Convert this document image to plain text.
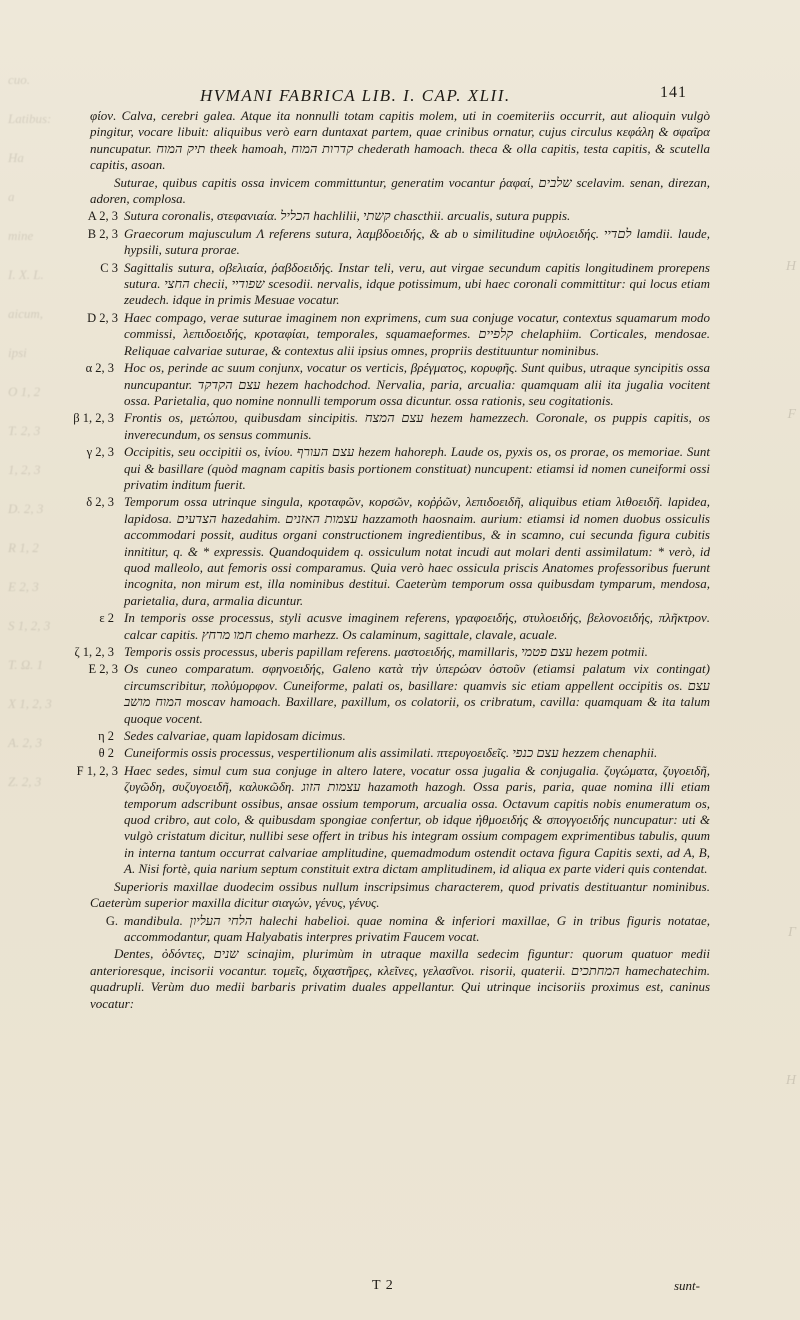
cuo.
Latibus:
Ha
a
mine
I. X. L.
aicum,
ipsi
O 1, 2
T. 2, 3
1, 2, 3
D. 2, 3
R 1, 2
E 2, 3
S 1, 2, 3
T. Ω. 1
X 1, 2, 3
A. 2, 3
Z. 2, 3
H

F

Γ

H

HVMANI FABRICA LIB. I. CAP. XLII.	141

φίον. Calva, cerebri galea. Atque ita nonnulli totam capitis molem, uti in coemiteriis occurrit, aut alioquin vulgò pingitur, vocare libuit: aliquibus verò earn duntaxat partem, quae crinibus ornatur, cujus circulus κεφάλη & σφαῖρα nuncupatur. תיק המוח theek hamoah, קדרות המוח chederath hamoach. theca & olla capitis, testa capitis, & scutella capitis, asoan.

Suturae, quibus capitis ossa invicem committuntur, generatim vocantur ῥαφαί, שלבים scelavim. senan, direzan, adoren, complosa.

A 2, 3 Sutura coronalis, στεφανιαία. הכליל hachlilii, קשתי chascthii. arcualis, sutura puppis.

B 2, 3 Graecorum majusculum Λ referens sutura, λαμβδοειδής, & ab υ similitudine υψιλοειδής. לםדיי lamdii. laude, hypsili, sutura prorae.

C 3 Sagittalis sutura, οβελιαία, ῥαβδοειδής. Instar teli, veru, aut virgae secundum capitis longitudinem prorepens sutura. החצי checii, שפודיי scesodii. nervalis, idque potissimum, ubi haec coronali committitur: qui locus etiam zeudech. idque in primis Mesuae vocatur.

D 2, 3 Haec compago, verae suturae imaginem non exprimens, cum sua conjuge vocatur, contextus squamarum modo commissi, λεπιδοειδής, κροταφίαι, temporales, squamaeformes. קלפיים chelaphiim. Corticales, mendosae. Reliquae calvariae suturae, & contextus alii ipsius omnes, propriis destituuntur nominibus.

α 2, 3 Hoc os, perinde ac suum conjunx, vocatur os verticis, βρέγματος, κορυφῆς. Sunt quibus, utraque syncipitis ossa nuncupantur. עצם הקדקד hezem hachodchod. Nervalia, paria, arcualia: quamquam alii ita jugalia vocitent ossa. Parietalia, quo nomine nonnulli temporum ossa dicuntur. ossa rationis, seu cogitationis.

β 1, 2, 3 Frontis os, μετώπου, quibusdam sincipitis. עצם המצח hezem hamezzech. Coronale, os puppis capitis, os inverecundum, os sensus communis.

γ 2, 3 Occipitis, seu occipitii os, ἰνίου. עצם העורף hezem hahoreph. Laude os, pyxis os, os prorae, os memoriae. Sunt qui & basillare (quòd magnam capitis basis portionem constituat) nuncupent: etiamsi id nomen cuneiformi ossi privatim inditum fuerit.

δ 2, 3 Temporum ossa utrinque singula, κροταφῶν, κορσῶν, κοῤῥῶν, λεπιδοειδῆ, aliquibus etiam λιθοειδῆ. lapidea, lapidosa. הצדעים hazedahim. עצמות האזנים hazzamoth haosnaim. aurium: etiamsi id nomen duobus ossiculis accommodari possit, auditus organi constructionem ingredientibus, & in scamno, cui secunda figura cubitis innititur, q. & * expressis. Quandoquidem q. ossiculum notat incudi aut molari denti assimilatum: * verò, id quod malleolo, aut femoris ossi comparamus. Quia verò haec ossicula priscis Anatomes professoribus fuerunt incognita, non mirum est, illa nominibus destitui. Caeterùm temporum ossa quibusdam tymparum, mendosa, parietalia, dura, armalia dicuntur.

ε 2 In temporis osse processus, styli acusve imaginem referens, γραφοειδής, στυλοειδής, βελονοειδής, πλῆκτρον. calcar capitis. חמו מרחץ chemo marhezz. Os calaminum, sagittale, clavale, acuale.

ζ 1, 2, 3 Temporis ossis processus, uberis papillam referens. μαστοειδής, mamillaris, עצם פטמי hezem potmii.

E 2, 3 Os cuneo comparatum. σφηνοειδής, Galeno κατὰ τὴν ὑπερώαν ὀστοῦν (etiamsi palatum vix contingat) circumscribitur, πολύμορφον. Cuneiforme, palati os, basillare: quamvis sic etiam appellent occipitis os. עצם המוח מושב moscav hamoach. Baxillare, paxillum, os colatorii, os cribratum, cavilla: quamquam & ita talum quoque vocent.

η 2 Sedes calvariae, quam lapidosam dicimus.

θ 2 Cuneiformis ossis processus, vespertilionum alis assimilati. πτερυγοειδεῖς. עצם כנפי hezzem chenaphii.

F 1, 2, 3 Haec sedes, simul cum sua conjuge in altero latere, vocatur ossa jugalia & conjugalia. ζυγώματα, ζυγοειδῆ, ζυγῶδη, συζυγοειδῆ, καλυκῶδη. עצמות הזוג hazamoth hazogh. Ossa paris, paria, quae nomina illi etiam temporum adscribunt ossibus, ansae ossium temporum, arcualia ossa. Octavum capitis nobis enumeratum os, quod cribro, aut colo, & quibusdam spongiae confertur, ob idque ἠθμοειδής & σπογγοειδής nuncupatur: uti & vulgò cristatum dicitur, nullibi sese offert in tribus his integram ossium compagem exprimentibus tabulis, quum in interna tantum occurrat calvariae amplitudine, quemadmodum ostendit octava figura Capitis sexti, ad A, B, A. Nisi fortè, quia narium septum constituit extra dictam amplitudinem, id aliqua ex parte videri quis contendat.

Superioris maxillae duodecim ossibus nullum inscripsimus characterem, quod privatis destituantur nominibus. Caeterùm superior maxilla dicitur σιαγών, γένυς, γένυς.

G. mandibula. הלחי העליון halechi habelioi. quae nomina & inferiori maxillae, G in tribus figuris notatae, accommodantur, quam Halyabatis interpres privatim Faucem vocat.

Dentes, ὀδόντες, שנים scinajim, plurimùm in utraque maxilla sedecim figuntur: quorum quatuor medii anterioresque, incisorii vocantur. τομεῖς, διχαστῆρες, κλεῖνες, γελασῖνοι. risorii, quaterii. המחתכים hamechatechim. quadrupli. Verùm duo medii barbaris privatim duales appellantur. Qui utrinque incisoriis proximus est, caninus vocatur:

T 2	sunt-
